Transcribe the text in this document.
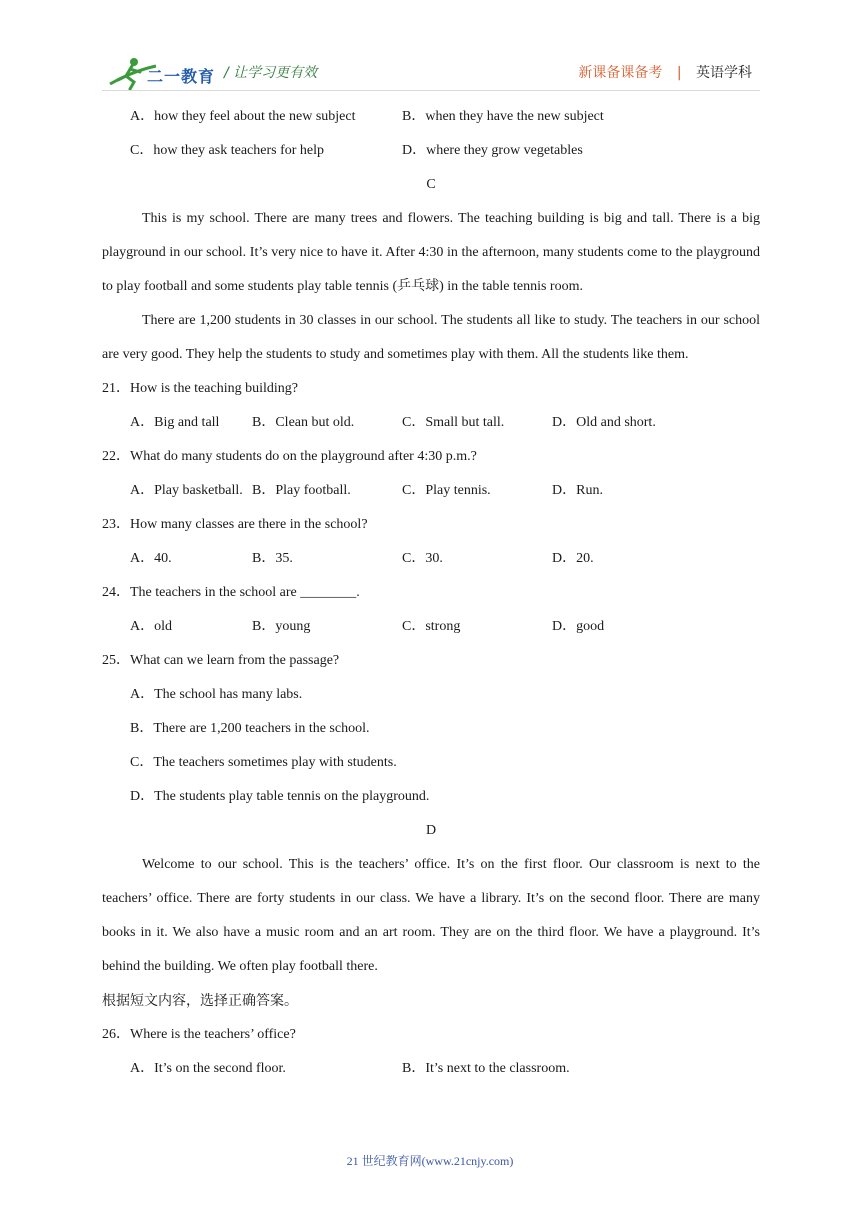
二一教育 / 让学习更有效	新课备课备考 | 英语学科
A．how they feel about the new subject	B．when they have the new subject
C．how they ask teachers for help	D．where they grow vegetables
C

This is my school. There are many trees and flowers. The teaching building is big and tall. There is a big playground in our school. It’s very nice to have it. After 4:30 in the afternoon, many students come to the playground to play football and some students play table tennis (乒乓球) in the table tennis room.

There are 1,200 students in 30 classes in our school. The students all like to study. The teachers in our school are very good. They help the students to study and sometimes play with them. All the students like them.

21．How is the teaching building?
A．Big and tall B．Clean but old.	C．Small but tall.	D．Old and short.
22．What do many students do on the playground after 4:30 p.m.?
A．Play basketball. B．Play football.	C．Play tennis.	D．Run.
23．How many classes are there in the school?
A．40.	B．35.	C．30.	D．20.
24．The teachers in the school are ________.
A．old	B．young	C．strong	D．good
25．What can we learn from the passage?
A．The school has many labs.
B．There are 1,200 teachers in the school.
C．The teachers sometimes play with students.
D．The students play table tennis on the playground.
D

Welcome to our school. This is the teachers’ office. It’s on the first floor. Our classroom is next to the teachers’ office. There are forty students in our class. We have a library. It’s on the second floor. There are many books in it. We also have a music room and an art room. They are on the third floor. We have a playground. It’s behind the building. We often play football there.

根据短文内容，选择正确答案。
26．Where is the teachers’ office?
A．It’s on the second floor.	B．It’s next to the classroom.
21 世纪教育网(www.21cnjy.com)
